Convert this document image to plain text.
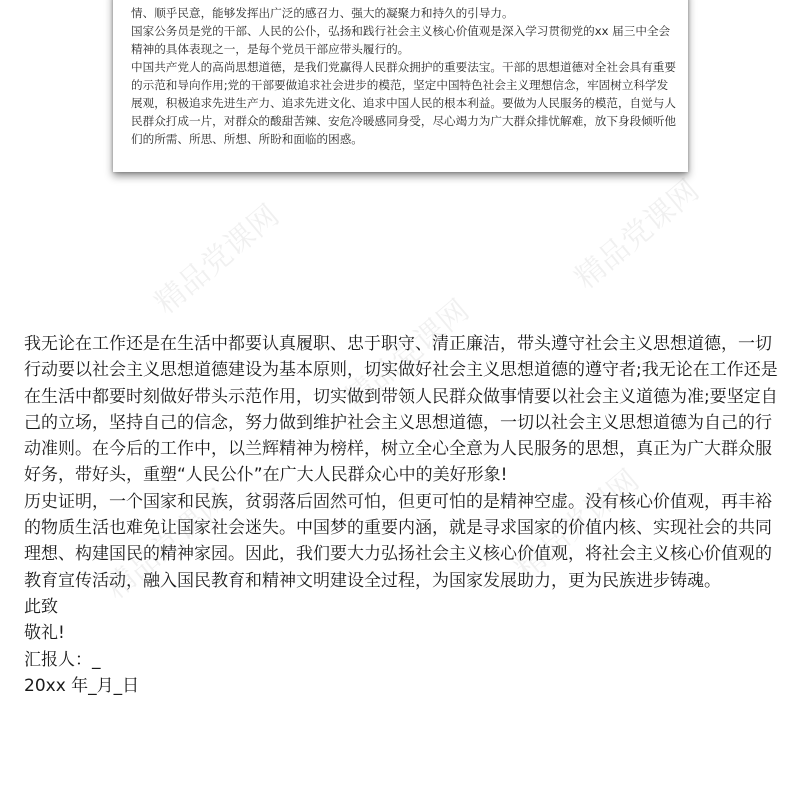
情、顺乎民意，能够发挥出广泛的感召力、强大的凝聚力和持久的引导力。

国家公务员是党的干部、人民的公仆，弘扬和践行社会主义核心价值观是深入学习贯彻党的xx 届三中全会精神的具体表现之一，是每个党员干部应带头履行的。

中国共产党人的高尚思想道德，是我们党赢得人民群众拥护的重要法宝。干部的思想道德对全社会具有重要的示范和导向作用;党的干部要做追求社会进步的模范，坚定中国特色社会主义理想信念，牢固树立科学发展观，积极追求先进生产力、追求先进文化、追求中国人民的根本利益。要做为人民服务的模范，自觉与人民群众打成一片，对群众的酸甜苦辣、安危冷暖感同身受，尽心竭力为广大群众排忧解难，放下身段倾听他们的所需、所思、所想、所盼和面临的困惑。

精品党课网	精品党课网
精品党课网
精品党课网	精品党课网

我无论在工作还是在生活中都要认真履职、忠于职守、清正廉洁，带头遵守社会主义思想道德，一切行动要以社会主义思想道德建设为基本原则，切实做好社会主义思想道德的遵守者;我无论在工作还是在生活中都要时刻做好带头示范作用，切实做到带领人民群众做事情要以社会主义道德为准;要坚定自己的立场，坚持自己的信念，努力做到维护社会主义思想道德，一切以社会主义思想道德为自己的行动准则。在今后的工作中，以兰辉精神为榜样，树立全心全意为人民服务的思想，真正为广大群众服好务，带好头，重塑“人民公仆”在广大人民群众心中的美好形象!

历史证明，一个国家和民族，贫弱落后固然可怕，但更可怕的是精神空虚。没有核心价值观，再丰裕的物质生活也难免让国家社会迷失。中国梦的重要内涵，就是寻求国家的价值内核、实现社会的共同理想、构建国民的精神家园。因此，我们要大力弘扬社会主义核心价值观，将社会主义核心价值观的教育宣传活动，融入国民教育和精神文明建设全过程，为国家发展助力，更为民族进步铸魂。

此致

敬礼!

汇报人：_

20xx 年_月_日
